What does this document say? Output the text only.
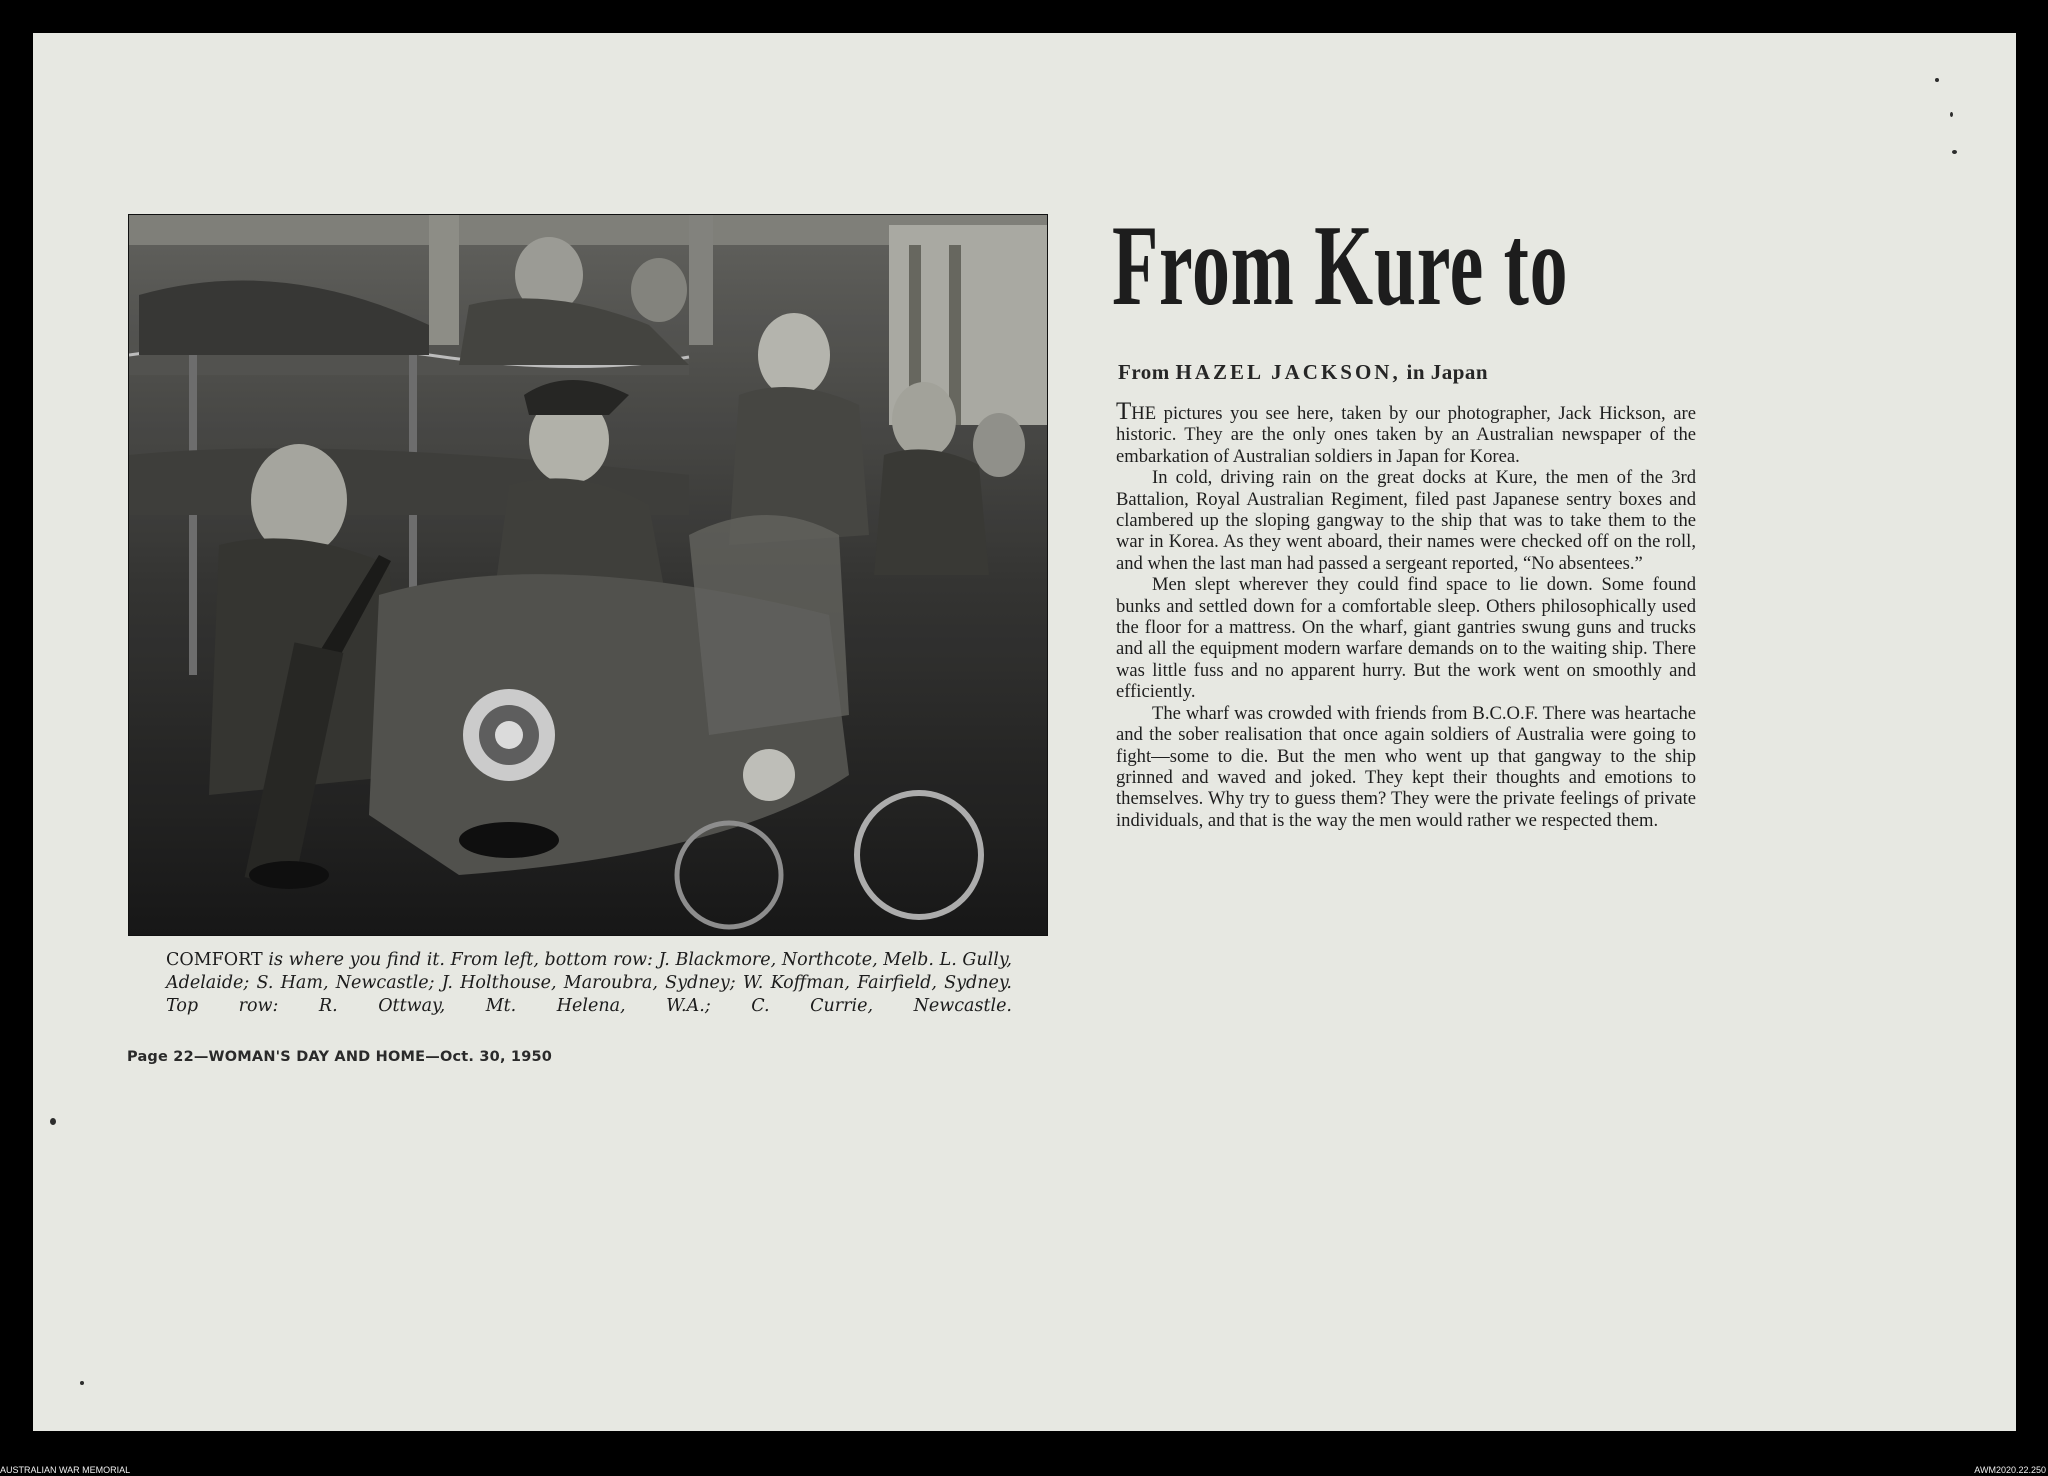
COMFORT is where you find it. From left, bottom row: J. Blackmore, Northcote, Melb. L. Gully, Adelaide; S. Ham, Newcastle; J. Holthouse, Maroubra, Sydney; W. Koffman, Fairfield, Sydney. Top row: R. Ottway, Mt. Helena, W.A.; C. Currie, Newcastle.
Page 22—WOMAN'S DAY AND HOME—Oct. 30, 1950
From Kure to
From HAZEL JACKSON, in Japan

THE pictures you see here, taken by our photographer, Jack Hickson, are historic. They are the only ones taken by an Australian newspaper of the embarkation of Australian soldiers in Japan for Korea.

In cold, driving rain on the great docks at Kure, the men of the 3rd Battalion, Royal Australian Regiment, filed past Japanese sentry boxes and clambered up the sloping gangway to the ship that was to take them to the war in Korea. As they went aboard, their names were checked off on the roll, and when the last man had passed a sergeant reported, “No absentees.”

Men slept wherever they could find space to lie down. Some found bunks and settled down for a comfortable sleep. Others philosophically used the floor for a mattress. On the wharf, giant gantries swung guns and trucks and all the equipment modern warfare demands on to the waiting ship. There was little fuss and no apparent hurry. But the work went on smoothly and efficiently.

The wharf was crowded with friends from B.C.O.F. There was heartache and the sober realisation that once again soldiers of Australia were going to fight—some to die. But the men who went up that gangway to the ship grinned and waved and joked. They kept their thoughts and emotions to themselves. Why try to guess them? They were the private feelings of private individuals, and that is the way the men would rather we respected them.

AUSTRALIAN WAR MEMORIAL	AWM2020.22.250
